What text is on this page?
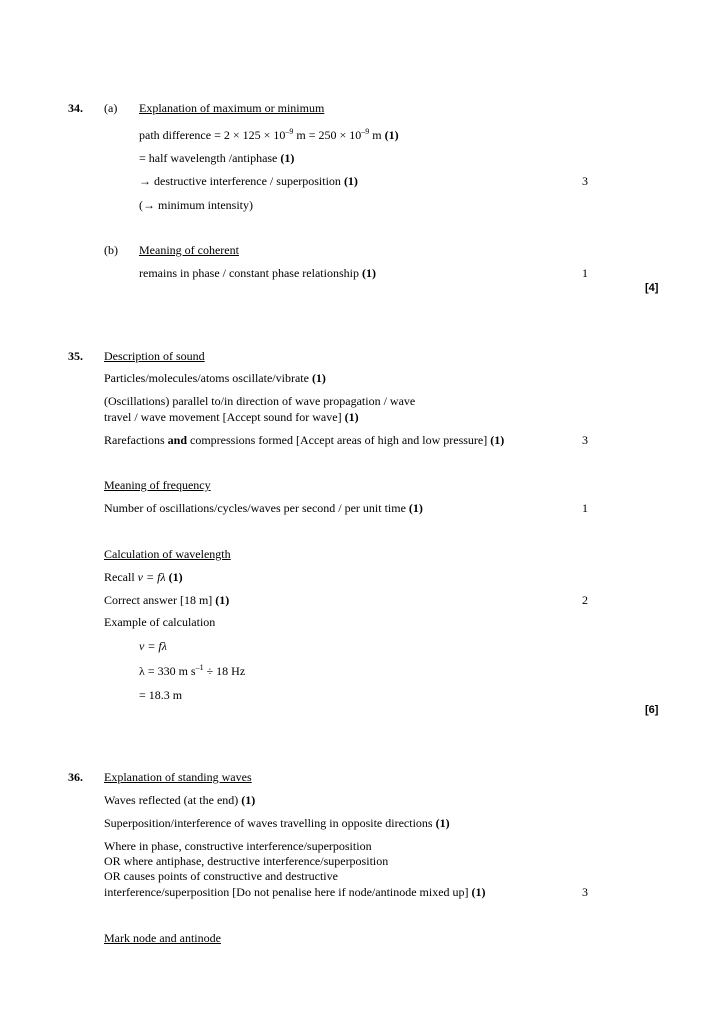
34. (a) Explanation of maximum or minimum
path difference = $2 \times 125 \times 10^{-9}$ $m = 250 \times 10^{-9}$ m (1)
= half wavelength /antiphase (1)
→ destructive interference / superposition (1)	3
(→ minimum intensity)
(b) Meaning of coherent
remains in phase / constant phase relationship (1)	1
[4]
35. Description of sound
Particles/molecules/atoms oscillate/vibrate (1)
(Oscillations) parallel to/in direction of wave propagation / wave
travel / wave movement [Accept sound for wave] (1)
Rarefactions and compressions formed [Accept areas of high and low pressure] (1)	3
Meaning of frequency
Number of oscillations/cycles/waves per second / per unit time (1)	1
Calculation of wavelength
Recall v = fλ (1)
Correct answer [18 m] (1)	2
Example of calculation
v = fλ
λ = 330 m $s^{-1} \div 18$ Hz
= 18.3 m
[6]
36. Explanation of standing waves
Waves reflected (at the end) (1)
Superposition/interference of waves travelling in opposite directions (1)
Where in phase, constructive interference/superposition
OR where antiphase, destructive interference/superposition
OR causes points of constructive and destructive
interference/superposition [Do not penalise here if node/antinode mixed up] (1)	3
Mark node and antinode
